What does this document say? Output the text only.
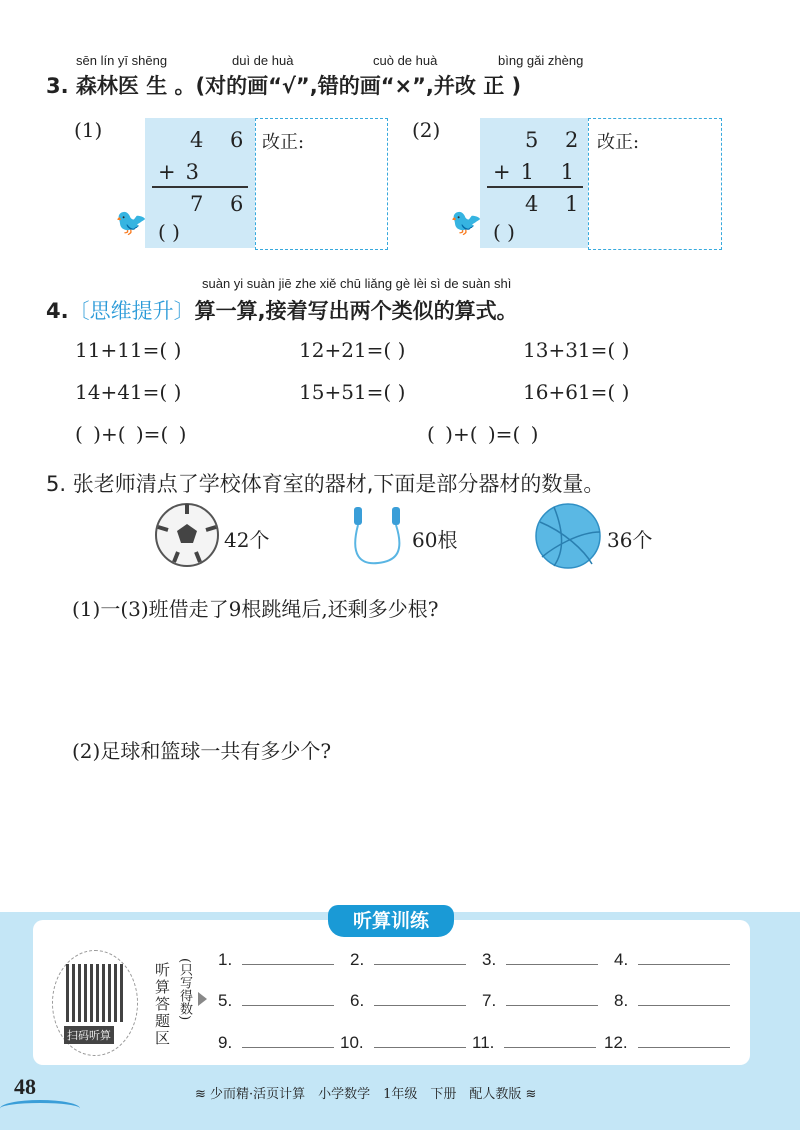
sēn lín yī shēng	duì de huà	cuò de huà	bìng gǎi zhèng
3. 森林医 生 。(对的画“√”,错的画“×”,并改 正 )
(1)	4 6
+3
7 6
( )
改正:
🐦
(2)	5 2
+1 1
4 1
( )
改正:
🐦
suàn yi suàn jiē zhe xiě chū liǎng gè lèi sì de suàn shì
4.〔思维提升〕算一算,接着写出两个类似的算式。
11+11=( )	12+21=( )	13+31=( )
14+41=( )	15+51=( )	16+61=( )
( )+( )=( )	( )+( )=( )
5. 张老师清点了学校体育室的器材,下面是部分器材的数量。
42个	60根	36个
(1)一(3)班借走了9根跳绳后,还剩多少根?
(2)足球和篮球一共有多少个?
听算训练
扫码听算
听算答题区
(只写得数) 1.	2.	3.	4.
5.	6.	7.	8.
9.	10.	11.	12.
48	≋ 少而精·活页计算　小学数学　1年级　下册　配人教版 ≋
